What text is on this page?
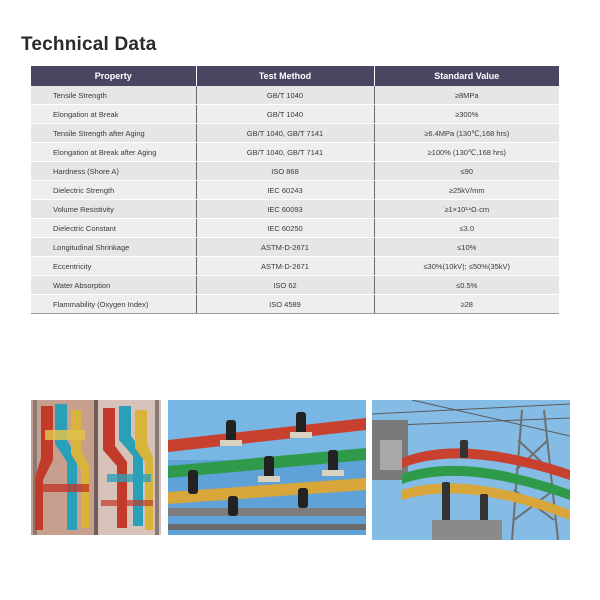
Technical Data
Property	Test Method	Standard Value
Tensile Strength	GB/T 1040	≥8MPa
Elongation at Break	GB/T 1040	≥300%
Tensile Strength after Aging	GB/T 1040, GB/T 7141	≥6.4MPa (130℃,168 hrs)
Elongation at Break after Aging	GB/T 1040, GB/T 7141	≥100% (130℃,168 hrs)
Hardness (Shore A)	ISO 868	≤90
Dielectric Strength	IEC 60243	≥25kV/mm
Volume Resistivity	IEC 60093	≥1×10¹⁴Ω·cm
Dielectric Constant	IEC 60250	≤3.0
Longitudinal Shrinkage	ASTM-D-2671	≤10%
Eccentricity	ASTM-D-2671	≤30%(10kV); ≤50%(35kV)
Water Absorption	ISO 62	≤0.5%
Flammability (Oxygen Index)	ISO 4589	≥28
